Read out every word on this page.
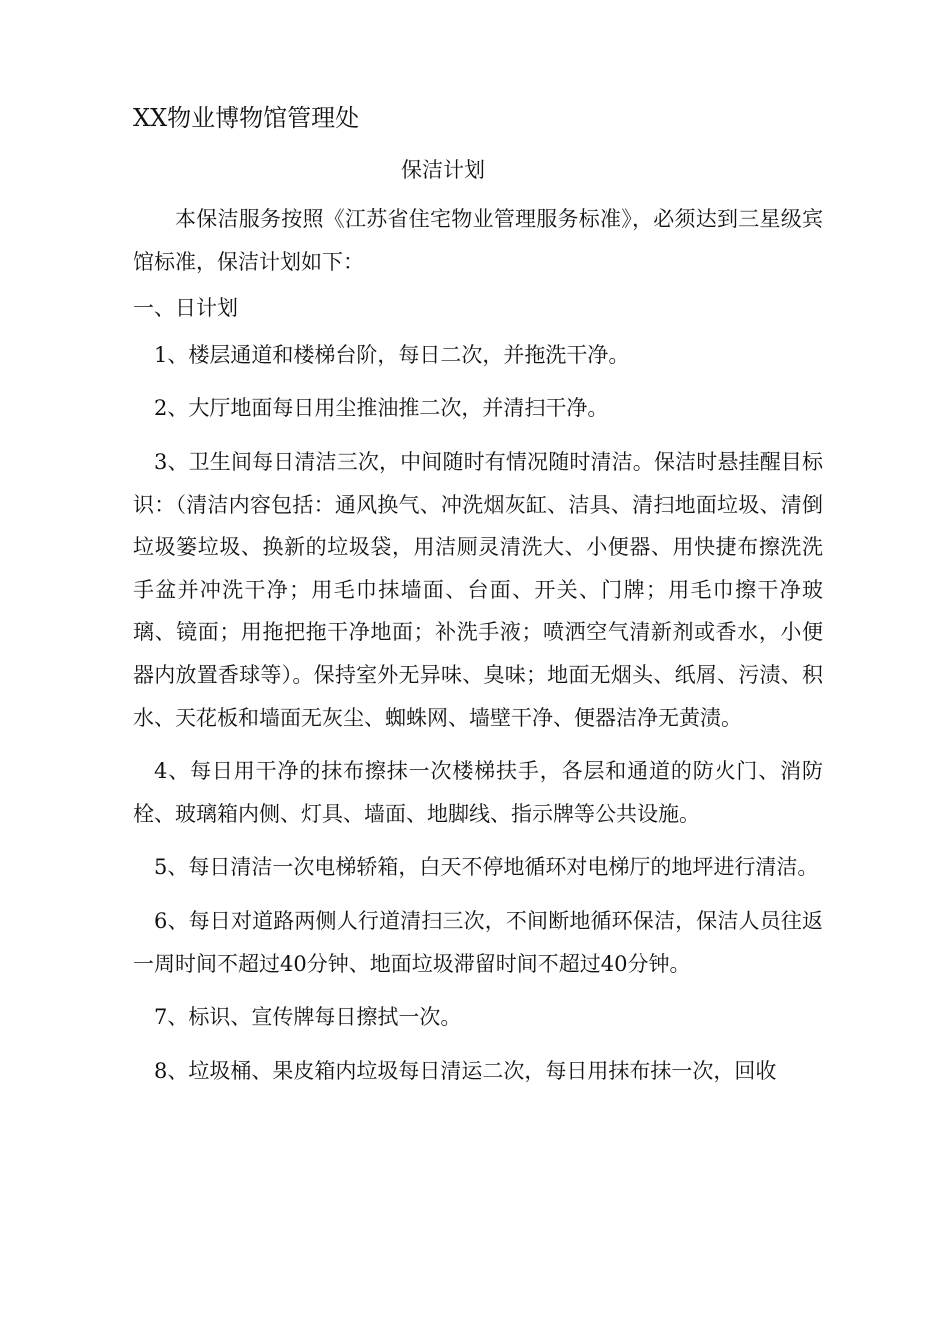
XX物业博物馆管理处
保洁计划

本保洁服务按照《江苏省住宅物业管理服务标准》，必须达到三星级宾馆标准，保洁计划如下：

一、日计划

1、楼层通道和楼梯台阶，每日二次，并拖洗干净。

2、大厅地面每日用尘推油推二次，并清扫干净。

3、卫生间每日清洁三次，中间随时有情况随时清洁。保洁时悬挂醒目标识：（清洁内容包括：通风换气、冲洗烟灰缸、洁具、清扫地面垃圾、清倒垃圾篓垃圾、换新的垃圾袋，用洁厕灵清洗大、小便器、用快捷布擦洗洗手盆并冲洗干净；用毛巾抹墙面、台面、开关、门牌；用毛巾擦干净玻璃、镜面；用拖把拖干净地面；补洗手液；喷洒空气清新剂或香水，小便器内放置香球等）。保持室外无异味、臭味；地面无烟头、纸屑、污渍、积水、天花板和墙面无灰尘、蜘蛛网、墙壁干净、便器洁净无黄渍。

4、每日用干净的抹布擦抹一次楼梯扶手，各层和通道的防火门、消防栓、玻璃箱内侧、灯具、墙面、地脚线、指示牌等公共设施。

5、每日清洁一次电梯轿箱，白天不停地循环对电梯厅的地坪进行清洁。

6、每日对道路两侧人行道清扫三次，不间断地循环保洁，保洁人员往返一周时间不超过40分钟、地面垃圾滞留时间不超过40分钟。

7、标识、宣传牌每日擦拭一次。

8、垃圾桶、果皮箱内垃圾每日清运二次，每日用抹布抹一次，回收
